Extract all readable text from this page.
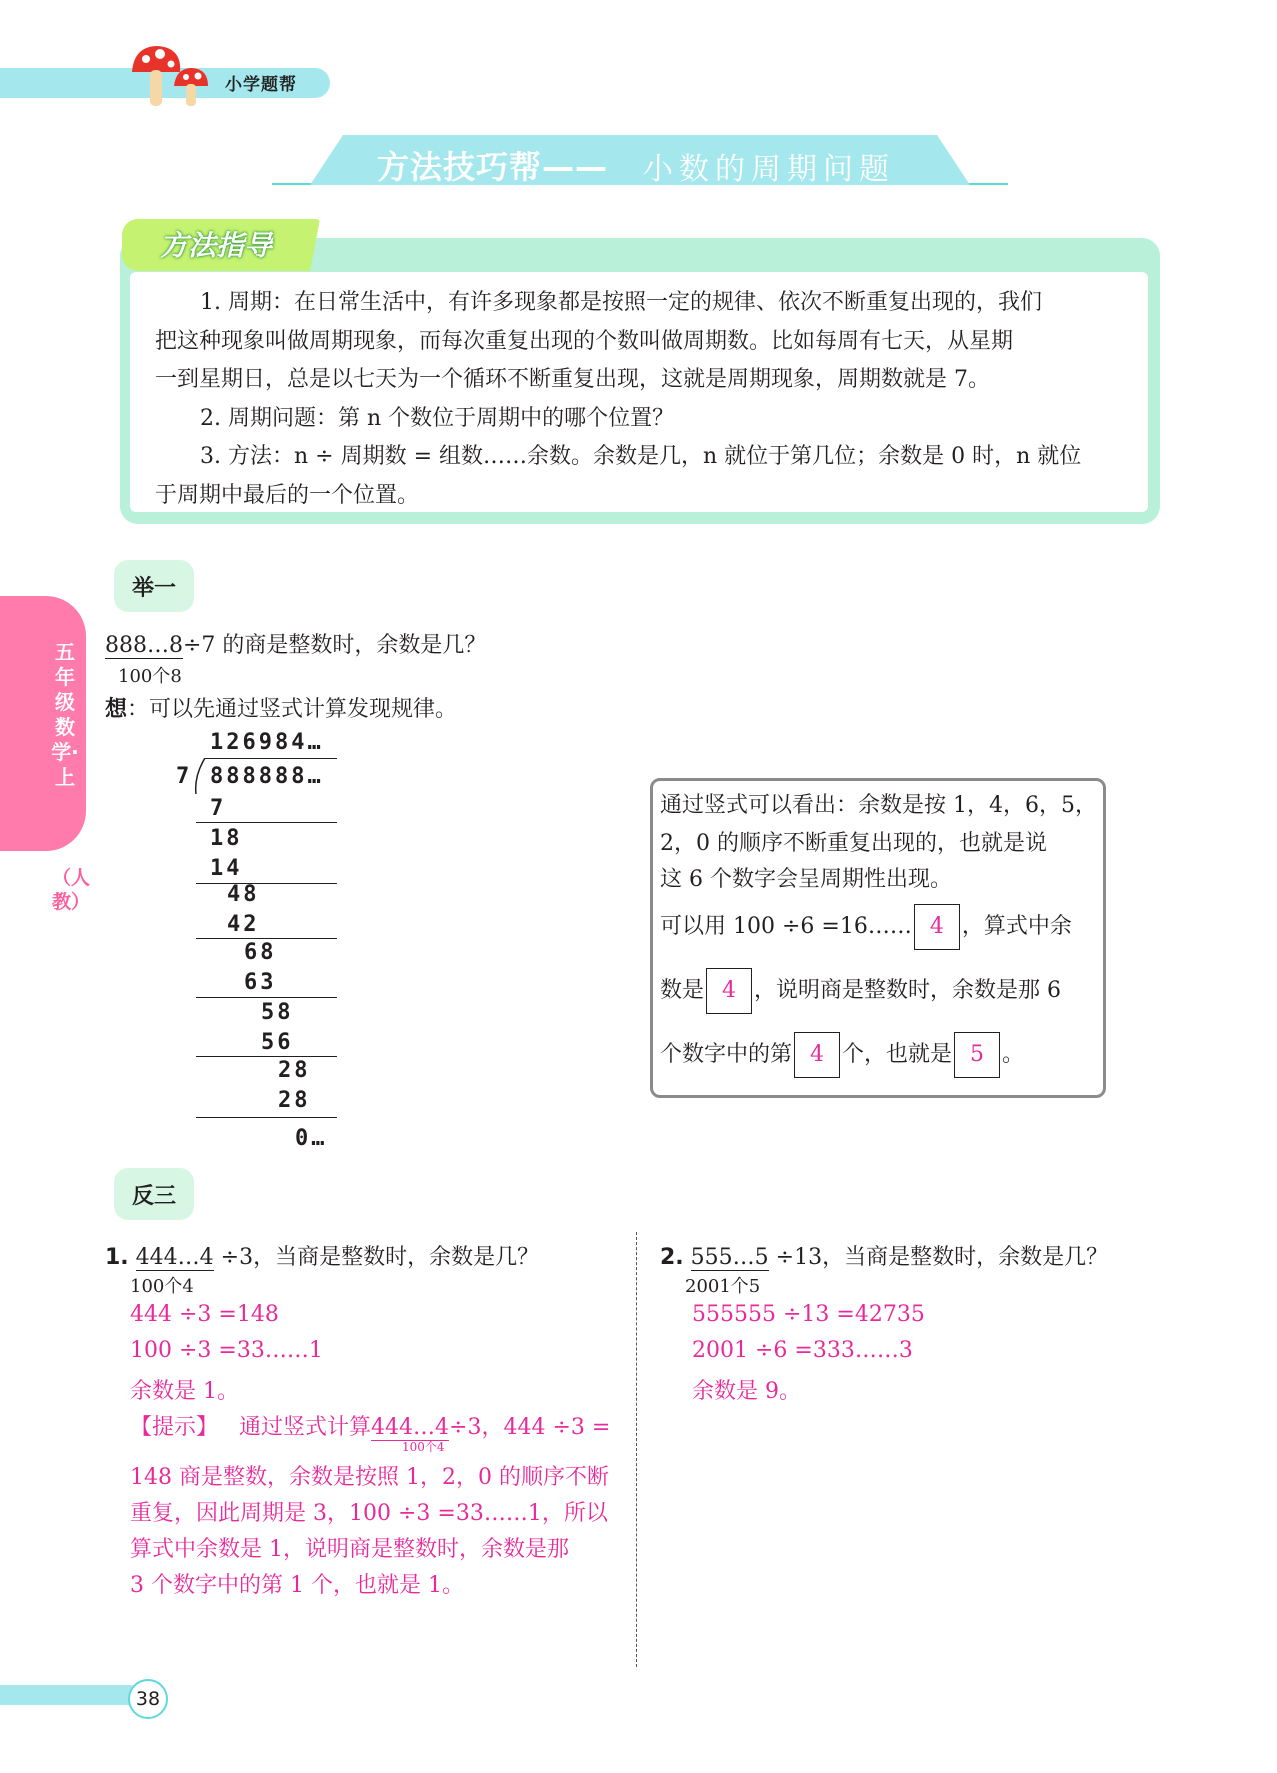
小学题帮
方法技巧帮—— 小数的周期问题
方法指导

1. 周期：在日常生活中，有许多现象都是按照一定的规律、依次不断重复出现的，我们

把这种现象叫做周期现象，而每次重复出现的个数叫做周期数。比如每周有七天，从星期

一到星期日，总是以七天为一个循环不断重复出现，这就是周期现象，周期数就是 7。

2. 周期问题：第 n 个数位于周期中的哪个位置？

3. 方法：n ÷ 周期数 = 组数……余数。余数是几，n 就位于第几位；余数是 0 时，n 就位

于周期中最后的一个位置。

五年级数学·上
（人教）
举一
888…8÷7 的商是整数时，余数是几？
100个8
想：可以先通过竖式计算发现规律。
126984…
7 888888…
7
18
14
48
42
68
63
58
56
28
28
0…
通过竖式可以看出：余数是按 1，4，6，5，
2，0 的顺序不断重复出现的，也就是说
这 6 个数字会呈周期性出现。
可以用 100 ÷6 =16…… 4 ，算式中余
数是 4 ，说明商是整数时，余数是那 6
个数字中的第 4 个，也就是 5 。
反三
1. 444…4 ÷3，当商是整数时，余数是几？
100个4
444 ÷3 =148
100 ÷3 =33……1
余数是 1。
【提示】 通过竖式计算444…4÷3，444 ÷3 =
100个4
148 商是整数，余数是按照 1，2，0 的顺序不断
重复，因此周期是 3，100 ÷3 =33……1，所以
算式中余数是 1，说明商是整数时，余数是那
3 个数字中的第 1 个，也就是 1。
2. 555…5 ÷13，当商是整数时，余数是几？
2001个5
555555 ÷13 =42735
2001 ÷6 =333……3
余数是 9。
38
